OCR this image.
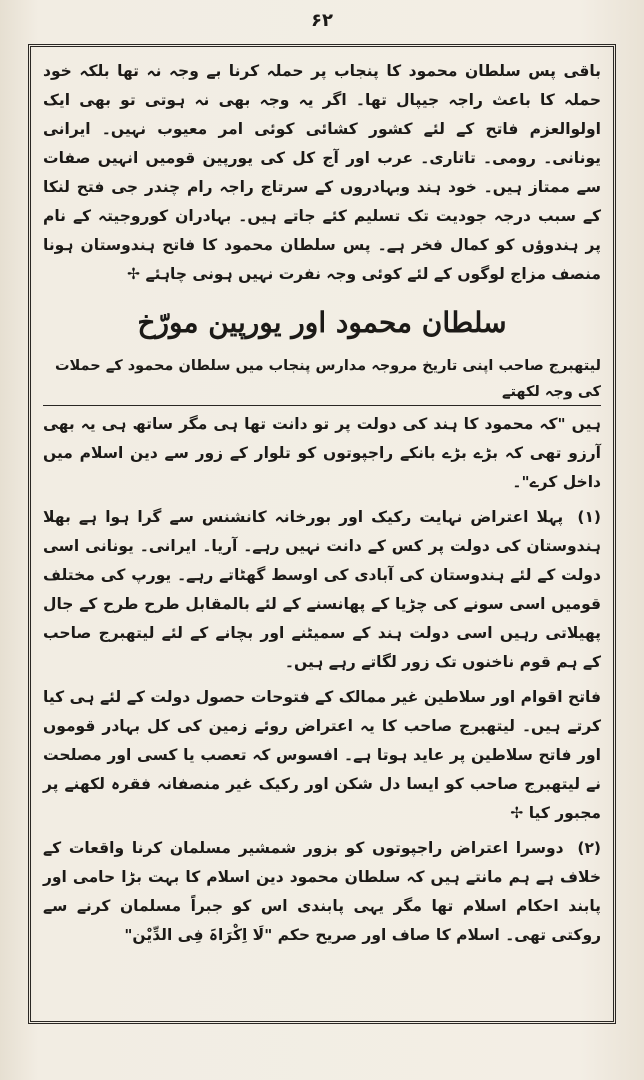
۶۲

باقی پس سلطان محمود کا پنجاب پر حملہ کرنا بے وجہ نہ تھا بلکہ خود حملہ کا باعث راجہ جیپال تھا۔ اگر یہ وجہ بھی نہ ہوتی تو بھی ایک اولوالعزم فاتح کے لئے کشور کشائی کوئی امر معیوب نہیں۔ ایرانی یونانی۔ رومی۔ تاتاری۔ عرب اور آج کل کی یورپین قومیں انہیں صفات سے ممتاز ہیں۔ خود ہند وبہادروں کے سرتاج راجہ رام چندر جی فتح لنکا کے سبب درجہ جودیت تک تسلیم کئے جاتے ہیں۔ بہادران کوروجیتہ کے نام پر ہندوؤں کو کمال فخر ہے۔ پس سلطان محمود کا فاتح ہندوستان ہونا منصف مزاج لوگوں کے لئے کوئی وجہ نفرت نہیں ہونی چاہئے ✢

سلطان محمود اور یورپین مورّخ
لیتھبرج صاحب اپنی تاریخ مروجہ مدارس پنجاب میں سلطان محمود کے حملات کی وجہ لکھتے

ہیں "کہ محمود کا ہند کی دولت پر تو دانت تھا ہی مگر ساتھ ہی یہ بھی آرزو تھی کہ بڑے بڑے بانکے راجپوتوں کو تلوار کے زور سے دین اسلام میں داخل کرے"۔

(۱) پہلا اعتراض نہایت رکیک اور بورخانہ کانشنس سے گرا ہوا ہے بھلا ہندوستان کی دولت پر کس کے دانت نہیں رہے۔ آریا۔ ایرانی۔ یونانی اسی دولت کے لئے ہندوستان کی آبادی کی اوسط گھٹاتے رہے۔ یورپ کی مختلف قومیں اسی سونے کی چڑیا کے پھانسنے کے لئے بالمقابل طرح طرح کے جال پھیلاتی رہیں اسی دولت ہند کے سمیٹنے اور بچانے کے لئے لیتھبرج صاحب کے ہم قوم ناخنوں تک زور لگاتے رہے ہیں۔

فاتح اقوام اور سلاطین غیر ممالک کے فتوحات حصول دولت کے لئے ہی کیا کرتے ہیں۔ لیتھبرج صاحب کا یہ اعتراض روئے زمین کی کل بہادر قوموں اور فاتح سلاطین پر عاید ہوتا ہے۔ افسوس کہ تعصب یا کسی اور مصلحت نے لیتھبرج صاحب کو ایسا دل شکن اور رکیک غیر منصفانہ فقرہ لکھنے پر مجبور کیا ✢

(۲) دوسرا اعتراض راجپوتوں کو بزور شمشیر مسلمان کرنا واقعات کے خلاف ہے ہم مانتے ہیں کہ سلطان محمود دین اسلام کا بہت بڑا حامی اور پابند احکام اسلام تھا مگر یہی پابندی اس کو جبراً مسلمان کرنے سے روکتی تھی۔ اسلام کا صاف اور صریح حکم "لَا اِکْرَاہَ فِی الدِّیْن"
